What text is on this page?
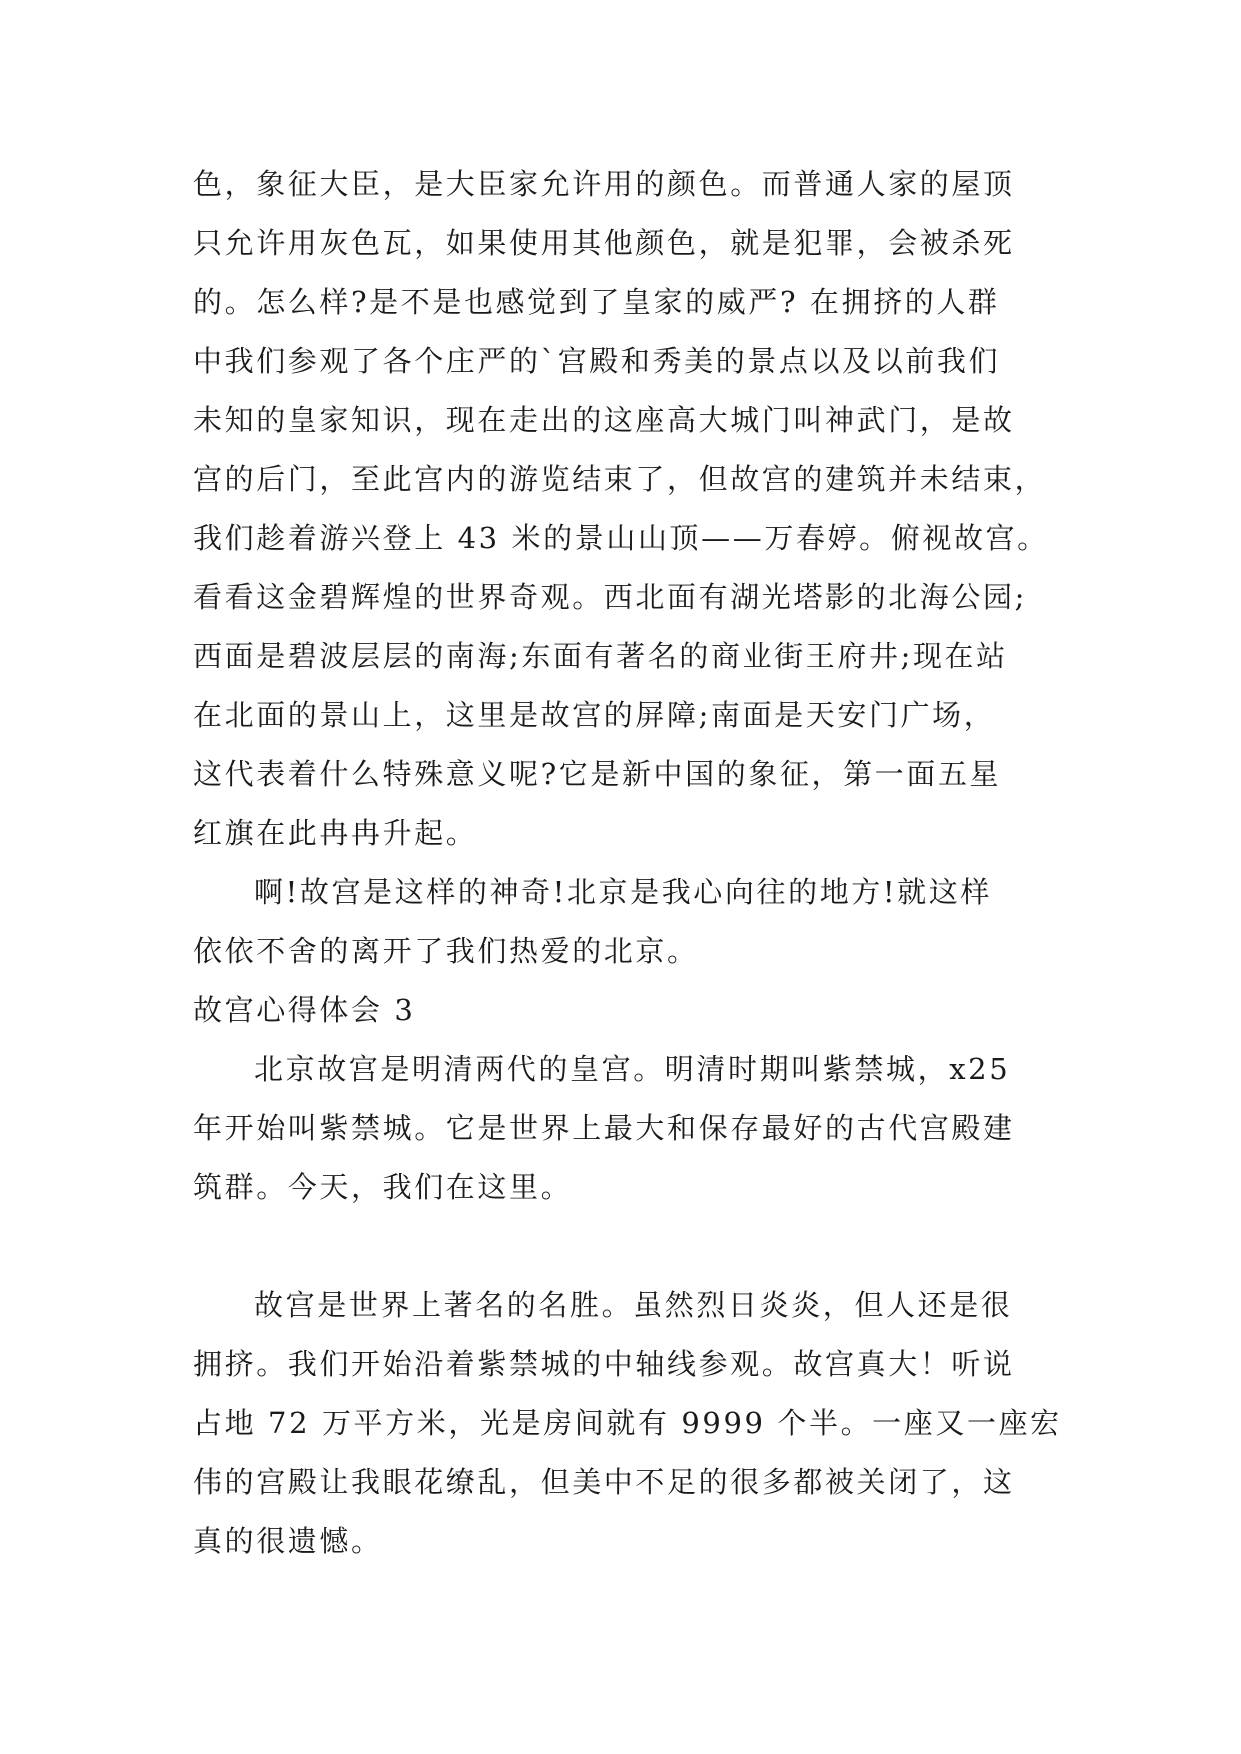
色，象征大臣，是大臣家允许用的颜色。而普通人家的屋顶
只允许用灰色瓦，如果使用其他颜色，就是犯罪，会被杀死
的。怎么样?是不是也感觉到了皇家的威严? 在拥挤的人群
中我们参观了各个庄严的`宫殿和秀美的景点以及以前我们
未知的皇家知识，现在走出的这座高大城门叫神武门，是故
宫的后门，至此宫内的游览结束了，但故宫的建筑并未结束，
我们趁着游兴登上 43 米的景山山顶——万春婷。俯视故宫。
看看这金碧辉煌的世界奇观。西北面有湖光塔影的北海公园;
西面是碧波层层的南海;东面有著名的商业街王府井;现在站
在北面的景山上，这里是故宫的屏障;南面是天安门广场，
这代表着什么特殊意义呢?它是新中国的象征，第一面五星
红旗在此冉冉升起。
啊!故宫是这样的神奇!北京是我心向往的地方!就这样
依依不舍的离开了我们热爱的北京。
故宫心得体会 3
北京故宫是明清两代的皇宫。明清时期叫紫禁城，x25
年开始叫紫禁城。它是世界上最大和保存最好的古代宫殿建
筑群。今天，我们在这里。
故宫是世界上著名的名胜。虽然烈日炎炎，但人还是很
拥挤。我们开始沿着紫禁城的中轴线参观。故宫真大！听说
占地 72 万平方米，光是房间就有 9999 个半。一座又一座宏
伟的宫殿让我眼花缭乱，但美中不足的很多都被关闭了，这
真的很遗憾。
